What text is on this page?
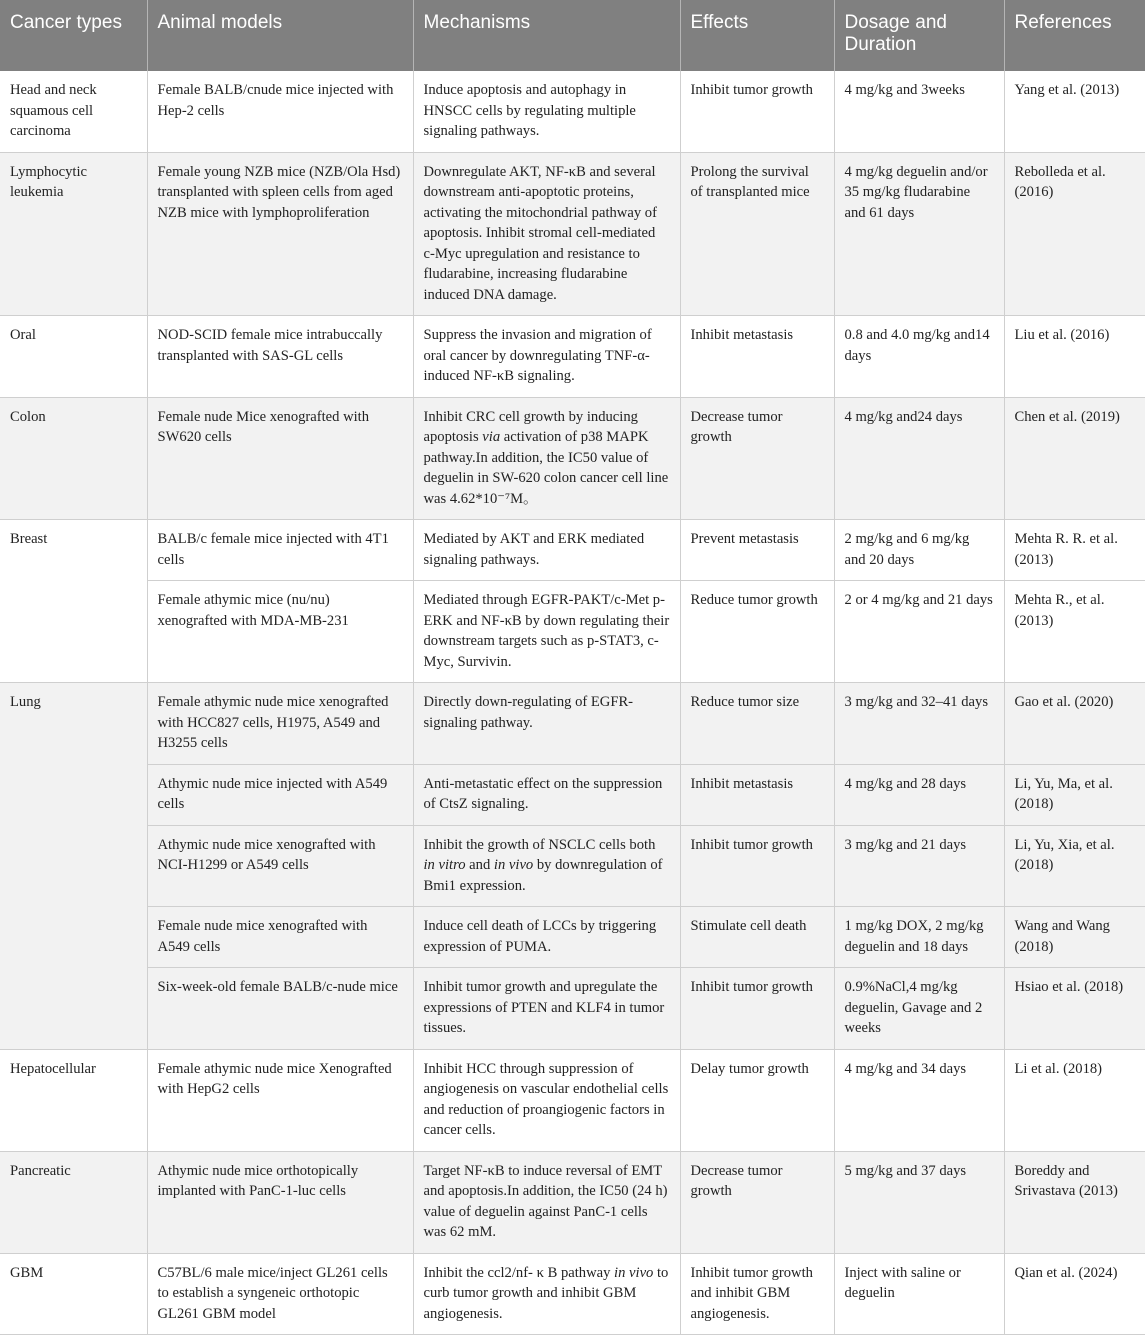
Cancer types	Animal models	Mechanisms	Effects	Dosage and Duration	References
Head and neck squamous cell carcinoma	Female BALB/cnude mice injected with Hep-2 cells	Induce apoptosis and autophagy in HNSCC cells by regulating multiple signaling pathways.	Inhibit tumor growth	4 mg/kg and 3weeks	Yang et al. (2013)
Lymphocytic leukemia	Female young NZB mice (NZB/Ola Hsd) transplanted with spleen cells from aged NZB mice with lymphoproliferation	Downregulate AKT, NF-κB and several downstream anti-apoptotic proteins, activating the mitochondrial pathway of apoptosis. Inhibit stromal cell-mediated c-Myc upregulation and resistance to fludarabine, increasing fludarabine induced DNA damage.	Prolong the survival of transplanted mice	4 mg/kg deguelin and/or 35 mg/kg fludarabine and 61 days	Rebolleda et al. (2016)
Oral	NOD-SCID female mice intrabuccally transplanted with SAS-GL cells	Suppress the invasion and migration of oral cancer by downregulating TNF-α-induced NF-κB signaling.	Inhibit metastasis	0.8 and 4.0 mg/kg and14 days	Liu et al. (2016)
Colon	Female nude Mice xenografted with SW620 cells	Inhibit CRC cell growth by inducing apoptosis via activation of p38 MAPK pathway.In addition, the IC50 value of deguelin in SW-620 colon cancer cell line was 4.62*10⁻⁷M。	Decrease tumor growth	4 mg/kg and24 days	Chen et al. (2019)
Breast	BALB/c female mice injected with 4T1 cells	Mediated by AKT and ERK mediated signaling pathways.	Prevent metastasis	2 mg/kg and 6 mg/kg and 20 days	Mehta R. R. et al. (2013)
	Female athymic mice (nu/nu) xenografted with MDA-MB-231	Mediated through EGFR-PAKT/c-Met p-ERK and NF-κB by down regulating their downstream targets such as p-STAT3, c-Myc, Survivin.	Reduce tumor growth	2 or 4 mg/kg and 21 days	Mehta R., et al. (2013)
Lung	Female athymic nude mice xenografted with HCC827 cells, H1975, A549 and H3255 cells	Directly down-regulating of EGFR-signaling pathway.	Reduce tumor size	3 mg/kg and 32–41 days	Gao et al. (2020)
	Athymic nude mice injected with A549 cells	Anti-metastatic effect on the suppression of CtsZ signaling.	Inhibit metastasis	4 mg/kg and 28 days	Li, Yu, Ma, et al. (2018)
	Athymic nude mice xenografted with NCI-H1299 or A549 cells	Inhibit the growth of NSCLC cells both in vitro and in vivo by downregulation of Bmi1 expression.	Inhibit tumor growth	3 mg/kg and 21 days	Li, Yu, Xia, et al. (2018)
	Female nude mice xenografted with A549 cells	Induce cell death of LCCs by triggering expression of PUMA.	Stimulate cell death	1 mg/kg DOX, 2 mg/kg deguelin and 18 days	Wang and Wang (2018)
	Six-week-old female BALB/c-nude mice	Inhibit tumor growth and upregulate the expressions of PTEN and KLF4 in tumor tissues.	Inhibit tumor growth	0.9%NaCl,4 mg/kg deguelin, Gavage and 2 weeks	Hsiao et al. (2018)
Hepatocellular	Female athymic nude mice Xenografted with HepG2 cells	Inhibit HCC through suppression of angiogenesis on vascular endothelial cells and reduction of proangiogenic factors in cancer cells.	Delay tumor growth	4 mg/kg and 34 days	Li et al. (2018)
Pancreatic	Athymic nude mice orthotopically implanted with PanC-1-luc cells	Target NF-κB to induce reversal of EMT and apoptosis.In addition, the IC50 (24 h) value of deguelin against PanC-1 cells was 62 mM.	Decrease tumor growth	5 mg/kg and 37 days	Boreddy and Srivastava (2013)
GBM	C57BL/6 male mice/inject GL261 cells to establish a syngeneic orthotopic GL261 GBM model	Inhibit the ccl2/nf- κ B pathway in vivo to curb tumor growth and inhibit GBM angiogenesis.	Inhibit tumor growth and inhibit GBM angiogenesis.	Inject with saline or deguelin	Qian et al. (2024)
